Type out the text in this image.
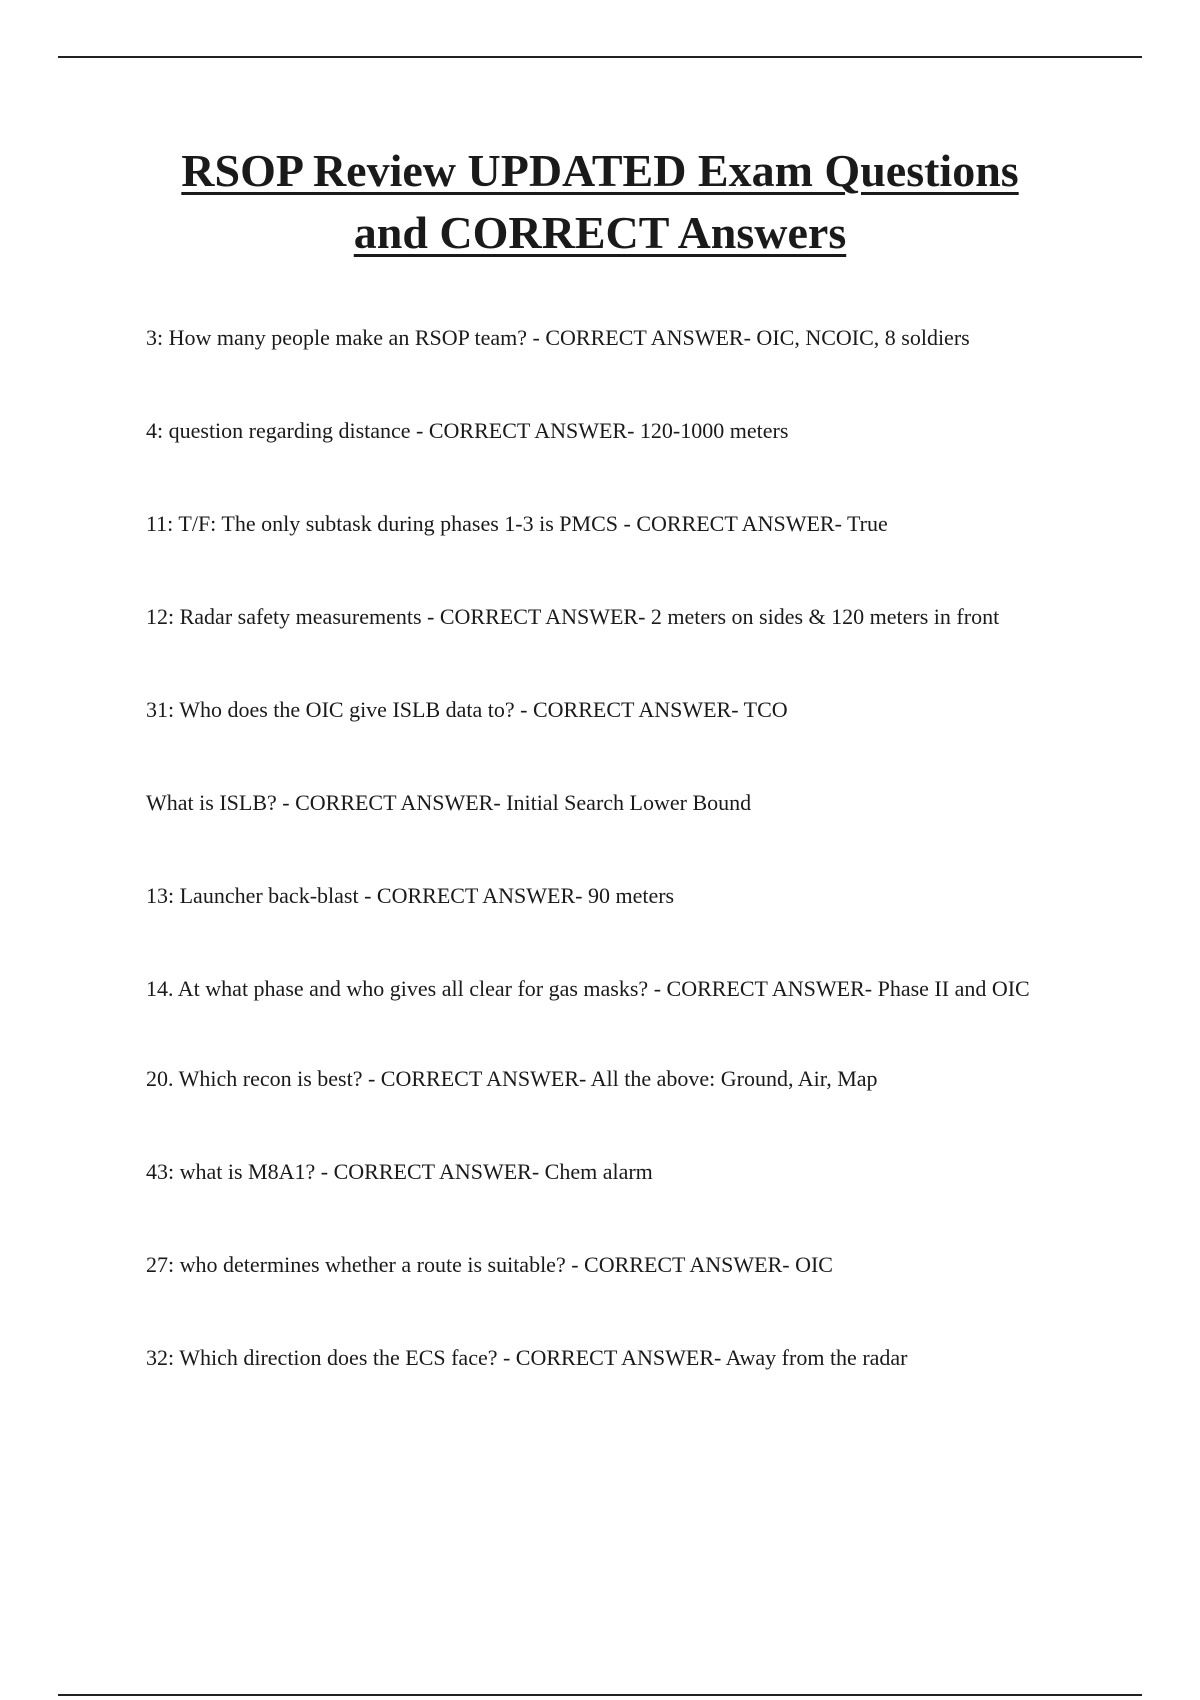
RSOP Review UPDATED Exam Questions
and CORRECT Answers
3: How many people make an RSOP team? - CORRECT ANSWER- OIC, NCOIC, 8 soldiers
4: question regarding distance - CORRECT ANSWER- 120-1000 meters
11: T/F: The only subtask during phases 1-3 is PMCS - CORRECT ANSWER- True
12: Radar safety measurements - CORRECT ANSWER- 2 meters on sides & 120 meters in front
31: Who does the OIC give ISLB data to? - CORRECT ANSWER- TCO
What is ISLB? - CORRECT ANSWER- Initial Search Lower Bound
13: Launcher back-blast - CORRECT ANSWER- 90 meters
14. At what phase and who gives all clear for gas masks? - CORRECT ANSWER- Phase II and OIC
20. Which recon is best? - CORRECT ANSWER- All the above: Ground, Air, Map
43: what is M8A1? - CORRECT ANSWER- Chem alarm
27: who determines whether a route is suitable? - CORRECT ANSWER- OIC
32: Which direction does the ECS face? - CORRECT ANSWER- Away from the radar
